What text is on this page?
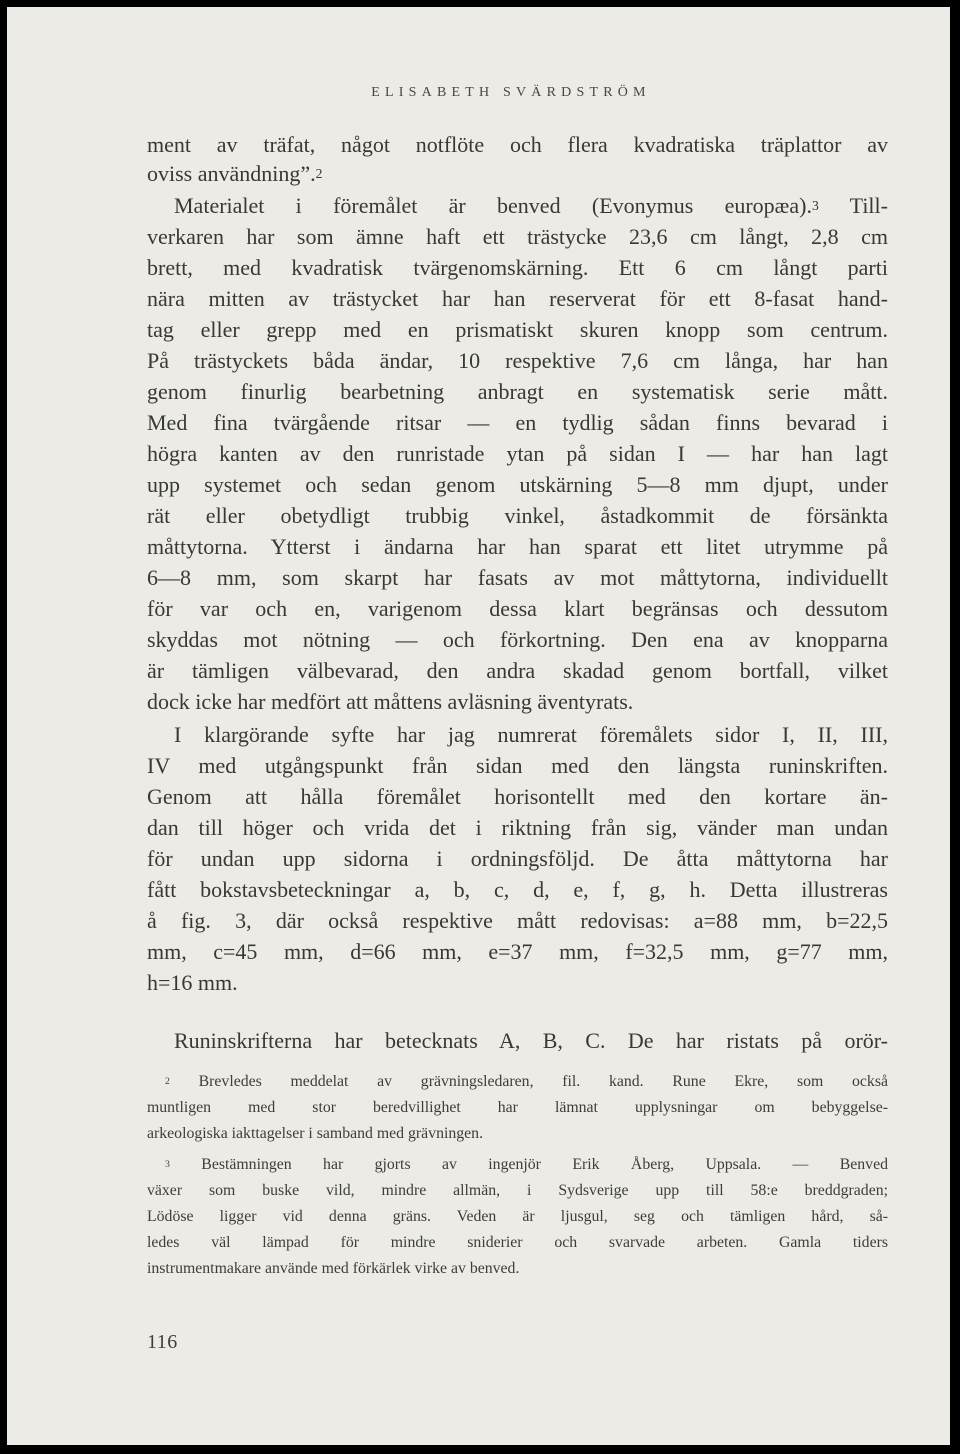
ELISABETH SVÄRDSTRÖM
ment av träfat, något notflöte och flera kvadratiska träplattor av
oviss användning”.$^2$
Materialet i föremålet är benved (Evonymus europæa).$^3$ Till-
verkaren har som ämne haft ett trästycke 23,6 cm långt, 2,8 cm
brett, med kvadratisk tvärgenomskärning. Ett 6 cm långt parti
nära mitten av trästycket har han reserverat för ett 8-fasat hand-
tag eller grepp med en prismatiskt skuren knopp som centrum.
På trästyckets båda ändar, 10 respektive 7,6 cm långa, har han
genom finurlig bearbetning anbragt en systematisk serie mått.
Med fina tvärgående ritsar — en tydlig sådan finns bevarad i
högra kanten av den runristade ytan på sidan I — har han lagt
upp systemet och sedan genom utskärning 5—8 mm djupt, under
rät eller obetydligt trubbig vinkel, åstadkommit de försänkta
måttytorna. Ytterst i ändarna har han sparat ett litet utrymme på
6—8 mm, som skarpt har fasats av mot måttytorna, individuellt
för var och en, varigenom dessa klart begränsas och dessutom
skyddas mot nötning — och förkortning. Den ena av knopparna
är tämligen välbevarad, den andra skadad genom bortfall, vilket
dock icke har medfört att måttens avläsning äventyrats.
I klargörande syfte har jag numrerat föremålets sidor I, II, III,
IV med utgångspunkt från sidan med den längsta runinskriften.
Genom att hålla föremålet horisontellt med den kortare än-
dan till höger och vrida det i riktning från sig, vänder man undan
för undan upp sidorna i ordningsföljd. De åtta måttytorna har
fått bokstavsbeteckningar a, b, c, d, e, f, g, h. Detta illustreras
å fig. 3, där också respektive mått redovisas: a=88 mm, b=22,5
mm, c=45 mm, d=66 mm, e=37 mm, f=32,5 mm, g=77 mm,
h=16 mm.
Runinskrifterna har betecknats A, B, C. De har ristats på orör-
$^2$ Brevledes meddelat av grävningsledaren, fil. kand. Rune Ekre, som också
muntligen med stor beredvillighet har lämnat upplysningar om bebyggelse-
arkeologiska iakttagelser i samband med grävningen.
$^3$ Bestämningen har gjorts av ingenjör Erik Åberg, Uppsala. — Benved
växer som buske vild, mindre allmän, i Sydsverige upp till 58:e breddgraden;
Lödöse ligger vid denna gräns. Veden är ljusgul, seg och tämligen hård, så-
ledes väl lämpad för mindre sniderier och svarvade arbeten. Gamla tiders
instrumentmakare använde med förkärlek virke av benved.
116
